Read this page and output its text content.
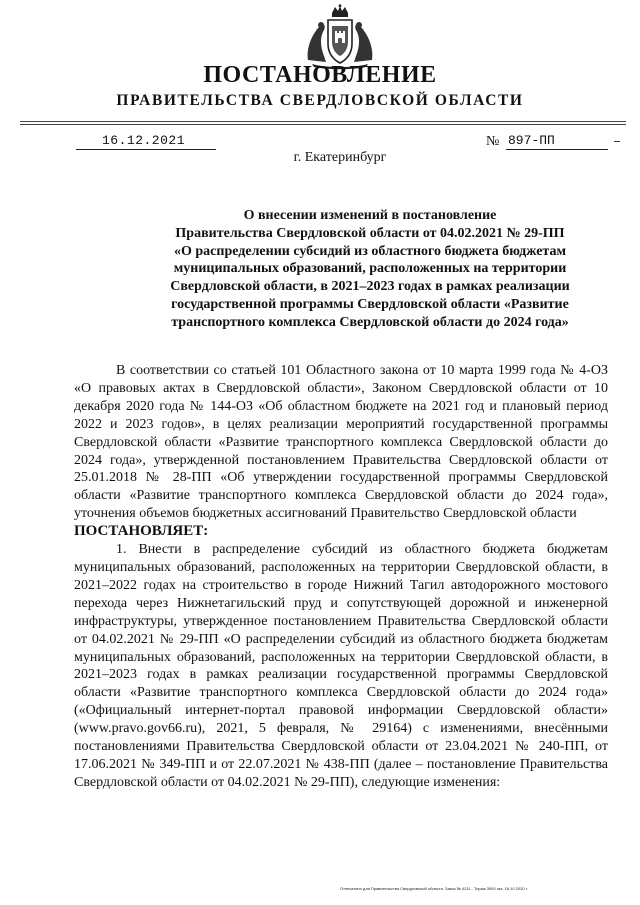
ПОСТАНОВЛЕНИЕ
ПРАВИТЕЛЬСТВА СВЕРДЛОВСКОЙ ОБЛАСТИ
16.12.2021	№ 897-ПП
г. Екатеринбург
О внесении изменений в постановление
Правительства Свердловской области от 04.02.2021 № 29-ПП
«О распределении субсидий из областного бюджета бюджетам
муниципальных образований, расположенных на территории
Свердловской области, в 2021–2023 годах в рамках реализации
государственной программы Свердловской области «Развитие
транспортного комплекса Свердловской области до 2024 года»

В соответствии со статьей 101 Областного закона от 10 марта 1999 года № 4-ОЗ «О правовых актах в Свердловской области», Законом Свердловской области от 10 декабря 2020 года № 144-ОЗ «Об областном бюджете на 2021 год и плановый период 2022 и 2023 годов», в целях реализации мероприятий государственной программы Свердловской области «Развитие транспортного комплекса Свердловской области до 2024 года», утвержденной постановлением Правительства Свердловской области от 25.01.2018 № 28-ПП «Об утверждении государственной программы Свердловской области «Развитие транспортного комплекса Свердловской области до 2024 года», уточнения объемов бюджетных ассигнований Правительство Свердловской области

ПОСТАНОВЛЯЕТ:

1. Внести в распределение субсидий из областного бюджета бюджетам муниципальных образований, расположенных на территории Свердловской области, в 2021–2022 годах на строительство в городе Нижний Тагил автодорожного мостового перехода через Нижнетагильский пруд и сопутствующей дорожной и инженерной инфраструктуры, утвержденное постановлением Правительства Свердловской области от 04.02.2021 № 29-ПП «О распределении субсидий из областного бюджета бюджетам муниципальных образований, расположенных на территории Свердловской области, в 2021–2023 годах в рамках реализации государственной программы Свердловской области «Развитие транспортного комплекса Свердловской области до 2024 года» («Официальный интернет-портал правовой информации Свердловской области» (www.pravo.gov66.ru), 2021, 5 февраля, № 29164) с изменениями, внесёнными постановлениями Правительства Свердловской области от 23.04.2021 № 240-ПП, от 17.06.2021 № 349-ПП и от 22.07.2021 № 438-ПП (далее – постановление Правительства Свердловской области от 04.02.2021 № 29-ПП), следующие изменения:

Отпечатано для Правительства Свердловской области. Заказ № 4211 . Тираж 3000 экз. 16.10.2020 г.
